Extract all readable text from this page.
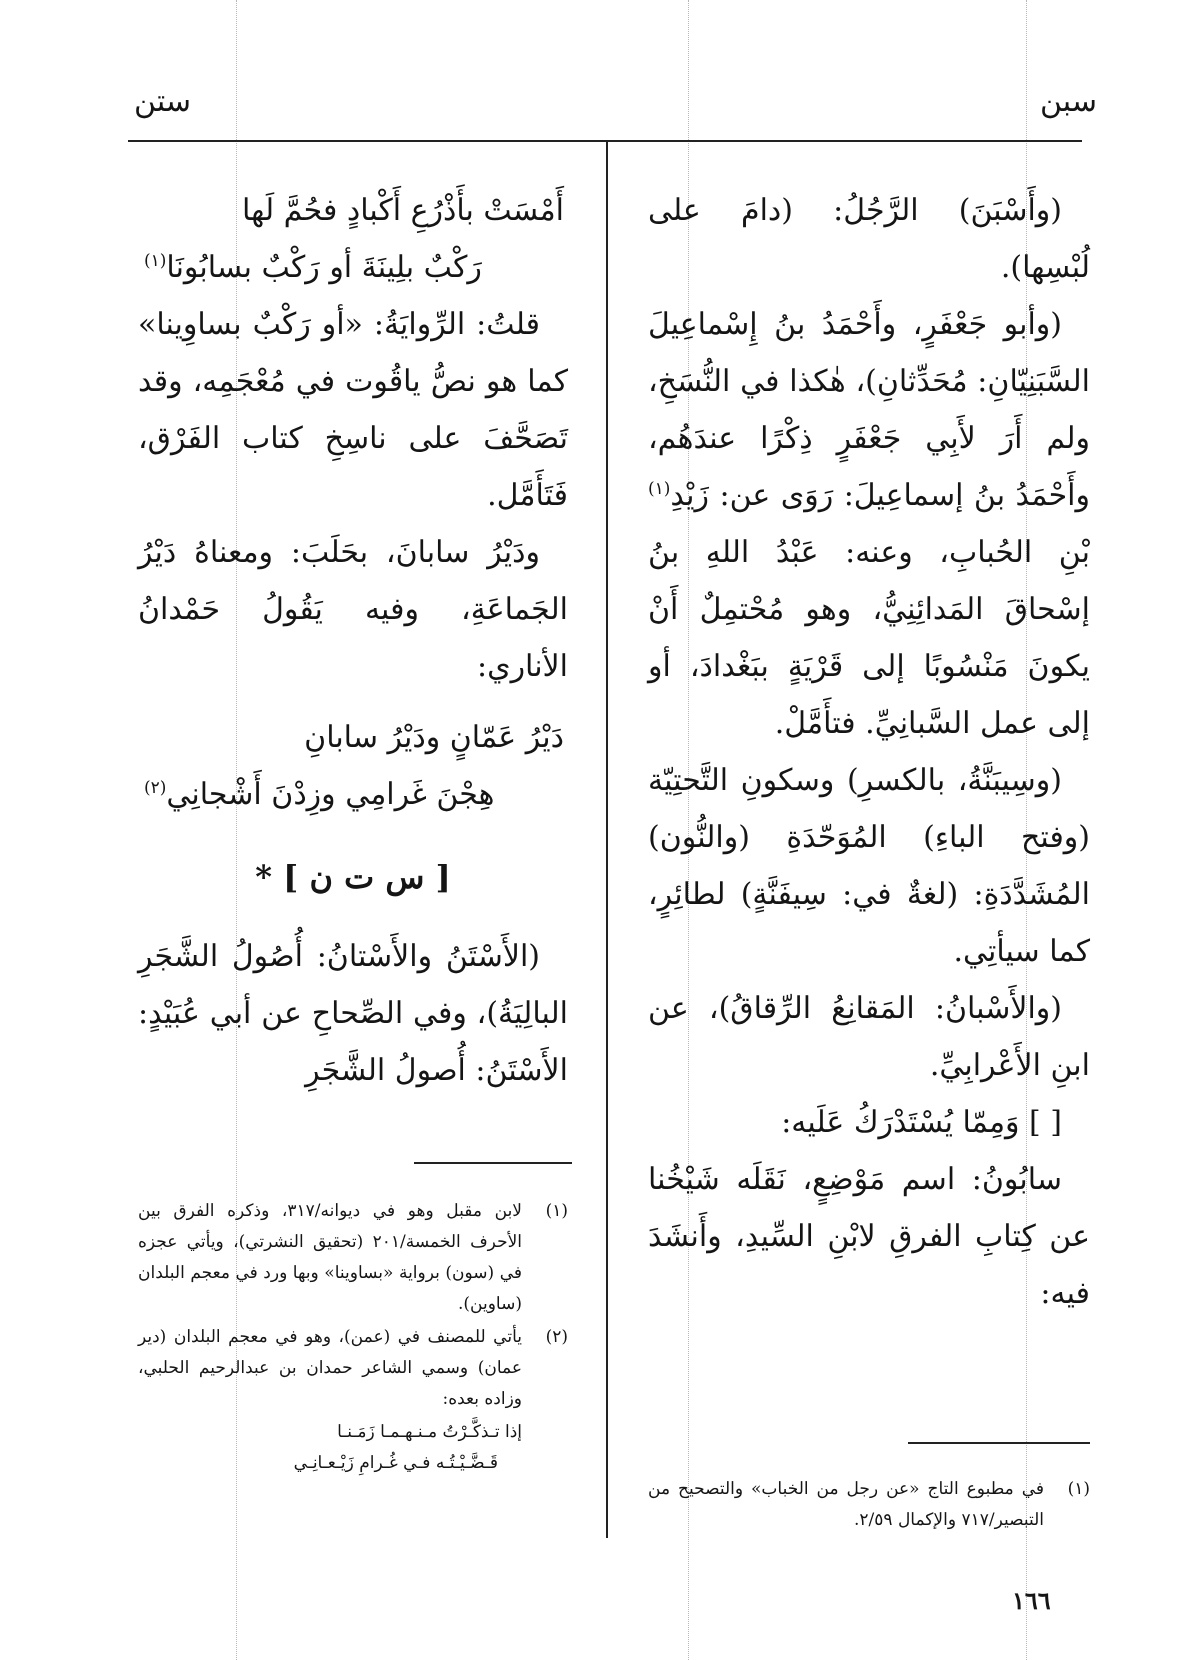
سبن
ستن

(وأَسْبَنَ) الرَّجُلُ: (دامَ على لُبْسِها).

(وأبو جَعْفَرٍ، وأَحْمَدُ بنُ إِسْماعِيلَ السَّبَنِيّانِ: مُحَدِّثانِ)، هٰكذا في النُّسَخِ، ولم أَرَ لأَبِي جَعْفَرٍ ذِكْرًا عندَهُم، وأَحْمَدُ بنُ إسماعِيلَ: رَوَى عن: زَيْدِ$^{(١)}$ بْنِ الحُبابِ، وعنه: عَبْدُ اللهِ بنُ إسْحاقَ المَدائِنِيُّ، وهو مُحْتمِلٌ أَنْ يكونَ مَنْسُوبًا إلى قَرْيَةٍ ببَغْدادَ، أو إلى عمل السَّبانِيِّ. فتأَمَّلْ.

(وسِيبَنَّةُ، بالكسرِ) وسكونِ التَّحتِيّة (وفتح الباءِ) المُوَحّدَةِ (والنُّون) المُشَدَّدَةِ: (لغةٌ في: سِيفَنَّةٍ) لطائِرٍ، كما سيأتِي.

(والأَسْبانُ: المَقانِعُ الرِّقاقُ)، عن ابنِ الأَعْرابِيِّ.

[ ] وَمِمّا يُسْتَدْرَكُ عَلَيه:

سابُونُ: اسم مَوْضِعٍ، نَقَلَه شَيْخُنا عن كِتابِ الفرقِ لابْنِ السِّيدِ، وأَنشَدَ فيه:

(١)
في مطبوع التاج «عن رجل من الخباب» والتصحيح من التبصير/٧١٧ والإكمال ٢/٥٩.
أَمْسَتْ بأَذْرُعِ أَكْبادٍ فحُمَّ لَها
رَكْبٌ بلِينَةَ أو رَكْبٌ بسابُونَا$^{(١)}$

قلتُ: الرِّوايَةُ: «أو رَكْبٌ بساوِينا» كما هو نصُّ ياقُوت في مُعْجَمِه، وقد تَصَحَّفَ على ناسِخِ كتاب الفَرْق، فَتَأَمَّل.

ودَيْرُ سابانَ، بحَلَبَ: ومعناهُ دَيْرُ الجَماعَةِ، وفيه يَقُولُ حَمْدانُ الأناري:

دَيْرُ عَمّانٍ ودَيْرُ سابانِ
هِجْنَ غَرامِي وزِدْنَ أَشْجانِي$^{(٢)}$
[ س ت ن ] *

(الأَسْتَنُ والأَسْتانُ: أُصُولُ الشَّجَرِ البالِيَةُ)، وفي الصِّحاحِ عن أبي عُبَيْدٍ: الأَسْتَنُ: أُصولُ الشَّجَرِ

(١)
لابن مقبل وهو في ديوانه/٣١٧، وذكره الفرق بين الأحرف الخمسة/٢٠١ (تحقيق النشرتي)، ويأتي عجزه في (سون) برواية «بساوينا» وبها ورد في معجم البلدان (ساوين).
(٢)
يأتي للمصنف في (عمن)، وهو في معجم البلدان (دير عمان) وسمي الشاعر حمدان بن عبدالرحيم الحلبي، وزاده بعده:
إذا تـذكَّـرْتُ مـنـهـمـا زَمَـنـا
قَـضَّـيْـتُـه فـي غُـرامِ زَيْـعـانِـي
١٦٦
